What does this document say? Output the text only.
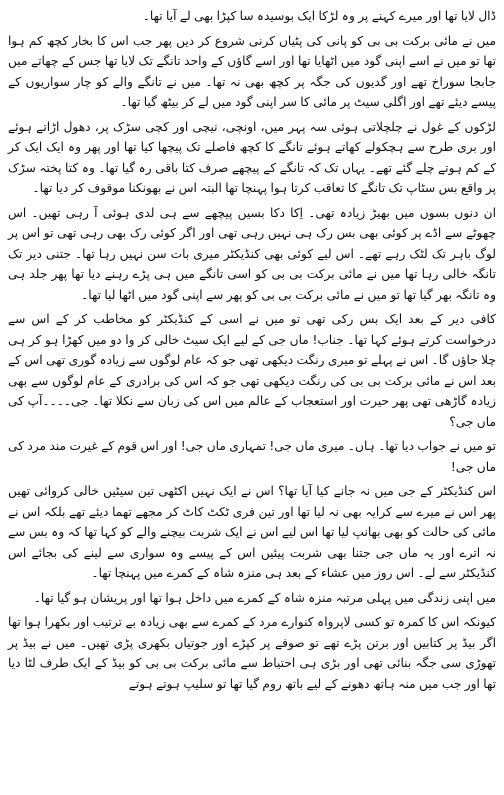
ڈال لایا تھا اور میرے کہنے پر وہ لڑکا ایک بوسیدہ سا کپڑا بھی لے آیا تھا۔

میں نے مائی برکت بی بی کو پانی کی پٹیاں کرنی شروع کر دیں پھر جب اس کا بخار کچھ کم ہوا تھا تو میں نے اسے اپنی گود میں اٹھایا تھا اور اسے گاؤں کے واحد تانگے تک لایا تھا جس کے چھاتے میں جابجا سوراخ تھے اور گدیوں کی جگہ پر کچھ بھی نہ تھا۔ میں نے تانگے والے کو چار سواریوں کے پیسے دیئے تھے اور اگلی سیٹ پر مائی کا سر اپنی گود میں لے کر بیٹھ گیا تھا۔

لڑکوں کے غول نے چلچلاتی ہوئی سہ پہر میں، اونچی، نیچی اور کچی سڑک پر، دھول اڑاتے ہوئے اور بری طرح سے ہچکولے کھاتے ہوئے تانگے کا کچھ فاصلے تک پیچھا کیا تھا اور پھر وہ ایک ایک کر کے کم ہوتے چلے گئے تھے۔ یہاں تک کہ تانگے کے پیچھے صرف کتا باقی رہ گیا تھا۔ وہ کتا پختہ سڑک پر واقع بس سٹاپ تک تانگے کا تعاقب کرتا ہوا پہنچا تھا البتہ اس نے بھونکنا موقوف کر دیا تھا۔

ان دنوں بسوں میں بھیڑ زیادہ تھی۔ اِکا دکا بسیں پیچھے سے ہی لدی ہوئی آ رہی تھیں۔ اس چھوٹے سے اڈے پر کوئی بھی بس رک ہی نہیں رہی تھی اور اگر کوئی رک بھی رہی تھی تو اس پر لوگ باہر تک لٹک رہے تھے۔ اس لیے کوئی بھی کنڈیکٹر میری بات سن نہیں رہا تھا۔ جتنی دیر تک تانگہ خالی رہا تھا میں نے مائی برکت بی بی کو اسی تانگے میں ہی پڑے رہنے دیا تھا پھر جلد ہی وہ تانگہ بھر گیا تھا تو میں نے مائی برکت بی بی کو پھر سے اپنی گود میں اٹھا لیا تھا۔

کافی دیر کے بعد ایک بس رکی تھی تو میں نے اسی کے کنڈیکٹر کو مخاطب کر کے اس سے درخواست کرتے ہوئے کہا تھا۔ جناب! ماں جی کے لیے ایک سیٹ خالی کر وا دو میں کھڑا ہو کر ہی چلا جاؤں گا۔ اس نے پہلے تو میری رنگت دیکھی تھی جو کہ عام لوگوں سے زیادہ گوری تھی اس کے بعد اس نے مائی برکت بی بی کی رنگت دیکھی تھی جو کہ اس کی برادری کے عام لوگوں سے بھی زیادہ گاڑھی تھی پھر حیرت اور استعجاب کے عالم میں اس کی زبان سے نکلا تھا۔ جی۔۔۔۔آپ کی ماں جی؟

تو میں نے جواب دیا تھا۔ ہاں۔ میری ماں جی! تمہاری ماں جی! اور اس قوم کے غیرت مند مرد کی ماں جی!

اس کنڈیکٹر کے جی میں نہ جانے کیا آیا تھا؟ اس نے ایک نہیں اکٹھی تین سیٹیں خالی کروائی تھیں پھر اس نے میرے سے کرایہ بھی نہ لیا تھا اور تین فری ٹکٹ کاٹ کر مجھے تھما دیئے تھے بلکہ اس نے مائی کی حالت کو بھی بھانپ لیا تھا اس لیے اس نے ایک شربت بیچنے والے کو کہا تھا کہ وہ بس سے نہ اترے اور یہ ماں جی جتنا بھی شربت پیئیں اس کے پیسے وہ سواری سے لینے کی بجائے اس کنڈیکٹر سے لے۔ اس روز میں عشاء کے بعد ہی منزہ شاہ کے کمرے میں پہنچا تھا۔

میں اپنی زندگی میں پہلی مرتبہ منزہ شاہ کے کمرے میں داخل ہوا تھا اور پریشان ہو گیا تھا۔

کیونکہ اس کا کمرہ تو کسی لاپرواہ کنوارے مرد کے کمرے سے بھی زیادہ بے ترتیب اور بکھرا ہوا تھا اگر بیڈ پر کتابیں اور برتن پڑے تھے تو صوفے پر کپڑے اور جوتیاں بکھری پڑی تھیں۔ میں نے بیڈ پر تھوڑی سی جگہ بنائی تھی اور بڑی ہی احتیاط سے مائی برکت بی بی کو بیڈ کے ایک طرف لٹا دیا تھا اور جب میں منہ ہاتھ دھونے کے لیے باتھ روم گیا تھا تو سلیپ ہوتے ہوتے
